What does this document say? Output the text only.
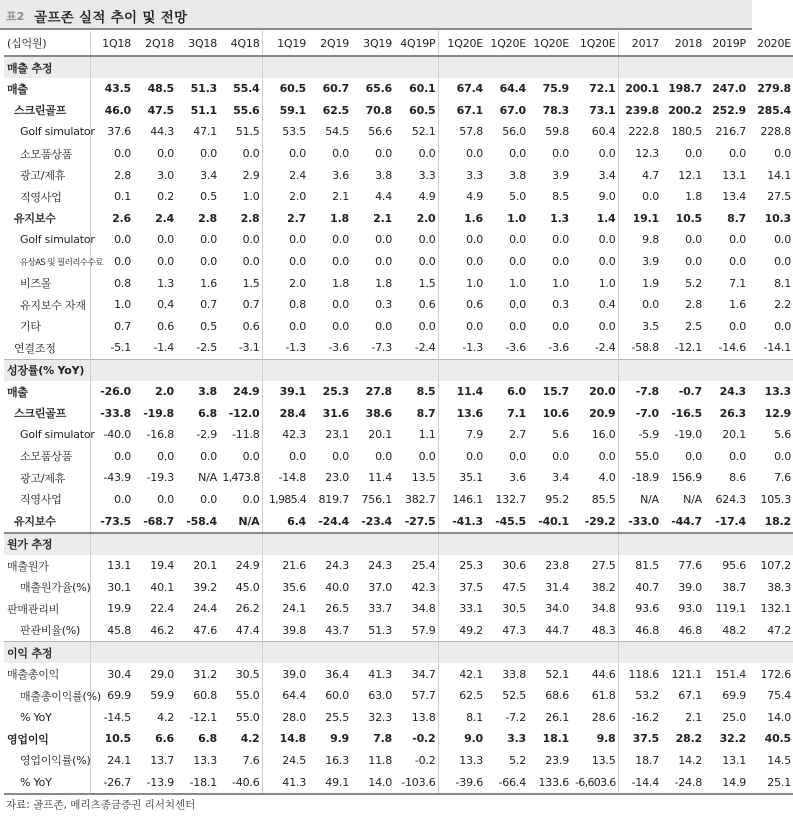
표2 골프존 실적 추이 및 전망
(십억원)	1Q18	2Q18	3Q18	4Q18	1Q19	2Q19	3Q19	4Q19P	1Q20E	1Q20E	1Q20E	1Q20E	2017	2018	2019P	2020E
매출 추정																
매출	43.5	48.5	51.3	55.4	60.5	60.7	65.6	60.1	67.4	64.4	75.9	72.1	200.1	198.7	247.0	279.8
스크린골프	46.0	47.5	51.1	55.6	59.1	62.5	70.8	60.5	67.1	67.0	78.3	73.1	239.8	200.2	252.9	285.4
Golf simulator	37.6	44.3	47.1	51.5	53.5	54.5	56.6	52.1	57.8	56.0	59.8	60.4	222.8	180.5	216.7	228.8
소모품상품	0.0	0.0	0.0	0.0	0.0	0.0	0.0	0.0	0.0	0.0	0.0	0.0	12.3	0.0	0.0	0.0
광고/제휴	2.8	3.0	3.4	2.9	2.4	3.6	3.8	3.3	3.3	3.8	3.9	3.4	4.7	12.1	13.1	14.1
직영사업	0.1	0.2	0.5	1.0	2.0	2.1	4.4	4.9	4.9	5.0	8.5	9.0	0.0	1.8	13.4	27.5
유지보수	2.6	2.4	2.8	2.8	2.7	1.8	2.1	2.0	1.6	1.0	1.3	1.4	19.1	10.5	8.7	10.3
Golf simulator	0.0	0.0	0.0	0.0	0.0	0.0	0.0	0.0	0.0	0.0	0.0	0.0	9.8	0.0	0.0	0.0
유상AS 및 필러리수수료	0.0	0.0	0.0	0.0	0.0	0.0	0.0	0.0	0.0	0.0	0.0	0.0	3.9	0.0	0.0	0.0
비즈몰	0.8	1.3	1.6	1.5	2.0	1.8	1.8	1.5	1.0	1.0	1.0	1.0	1.9	5.2	7.1	8.1
유지보수 자재	1.0	0.4	0.7	0.7	0.8	0.0	0.3	0.6	0.6	0.0	0.3	0.4	0.0	2.8	1.6	2.2
기타	0.7	0.6	0.5	0.6	0.0	0.0	0.0	0.0	0.0	0.0	0.0	0.0	3.5	2.5	0.0	0.0
연결조정	-5.1	-1.4	-2.5	-3.1	-1.3	-3.6	-7.3	-2.4	-1.3	-3.6	-3.6	-2.4	-58.8	-12.1	-14.6	-14.1
성장률(% YoY)																
매출	-26.0	2.0	3.8	24.9	39.1	25.3	27.8	8.5	11.4	6.0	15.7	20.0	-7.8	-0.7	24.3	13.3
스크린골프	-33.8	-19.8	6.8	-12.0	28.4	31.6	38.6	8.7	13.6	7.1	10.6	20.9	-7.0	-16.5	26.3	12.9
Golf simulator	-40.0	-16.8	-2.9	-11.8	42.3	23.1	20.1	1.1	7.9	2.7	5.6	16.0	-5.9	-19.0	20.1	5.6
소모품상품	0.0	0.0	0.0	0.0	0.0	0.0	0.0	0.0	0.0	0.0	0.0	0.0	55.0	0.0	0.0	0.0
광고/제휴	-43.9	-19.3	N/A	1,473.8	-14.8	23.0	11.4	13.5	35.1	3.6	3.4	4.0	-18.9	156.9	8.6	7.6
직영사업	0.0	0.0	0.0	0.0	1,985.4	819.7	756.1	382.7	146.1	132.7	95.2	85.5	N/A	N/A	624.3	105.3
유지보수	-73.5	-68.7	-58.4	N/A	6.4	-24.4	-23.4	-27.5	-41.3	-45.5	-40.1	-29.2	-33.0	-44.7	-17.4	18.2
원가 추정																
매출원가	13.1	19.4	20.1	24.9	21.6	24.3	24.3	25.4	25.3	30.6	23.8	27.5	81.5	77.6	95.6	107.2
매출원가율(%)	30.1	40.1	39.2	45.0	35.6	40.0	37.0	42.3	37.5	47.5	31.4	38.2	40.7	39.0	38.7	38.3
판매관리비	19.9	22.4	24.4	26.2	24.1	26.5	33.7	34.8	33.1	30.5	34.0	34.8	93.6	93.0	119.1	132.1
판관비율(%)	45.8	46.2	47.6	47.4	39.8	43.7	51.3	57.9	49.2	47.3	44.7	48.3	46.8	46.8	48.2	47.2
이익 추정																
매출총이익	30.4	29.0	31.2	30.5	39.0	36.4	41.3	34.7	42.1	33.8	52.1	44.6	118.6	121.1	151.4	172.6
매출총이익률(%)	69.9	59.9	60.8	55.0	64.4	60.0	63.0	57.7	62.5	52.5	68.6	61.8	53.2	67.1	69.9	75.4
% YoY	-14.5	4.2	-12.1	55.0	28.0	25.5	32.3	13.8	8.1	-7.2	26.1	28.6	-16.2	2.1	25.0	14.0
영업이익	10.5	6.6	6.8	4.2	14.8	9.9	7.8	-0.2	9.0	3.3	18.1	9.8	37.5	28.2	32.2	40.5
영업이익률(%)	24.1	13.7	13.3	7.6	24.5	16.3	11.8	-0.2	13.3	5.2	23.9	13.5	18.7	14.2	13.1	14.5
% YoY	-26.7	-13.9	-18.1	-40.6	41.3	49.1	14.0	-103.6	-39.6	-66.4	133.6	-6,603.6	-14.4	-24.8	14.9	25.1
자료: 골프존, 메리츠종금증권 리서치센터
